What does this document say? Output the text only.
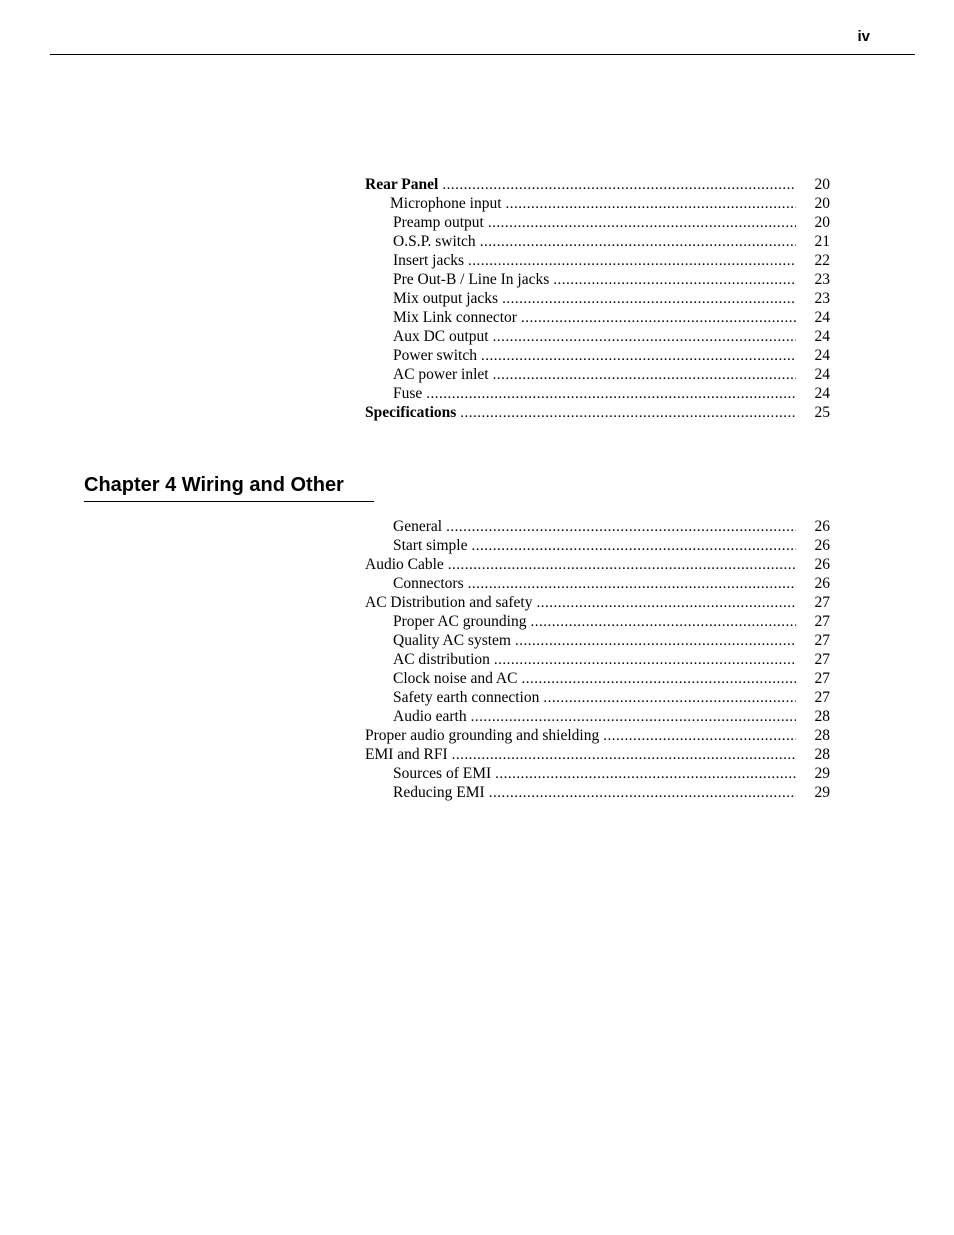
iv
Rear Panel .....	20
Microphone input .....	20
Preamp output .....	20
O.S.P. switch .....	21
Insert jacks .....	22
Pre Out-B / Line In jacks .....	23
Mix output jacks .....	23
Mix Link connector .....	24
Aux DC output .....	24
Power switch .....	24
AC power inlet .....	24
Fuse .....	24
Specifications .....	25
Chapter 4 Wiring and Other
General .....	26
Start simple .....	26
Audio Cable .....	26
Connectors .....	26
AC Distribution and safety .....	27
Proper AC grounding .....	27
Quality AC system .....	27
AC distribution .....	27
Clock noise and AC .....	27
Safety earth connection .....	27
Audio earth .....	28
Proper audio grounding and shielding .....	28
EMI and RFI .....	28
Sources of EMI .....	29
Reducing EMI .....	29
